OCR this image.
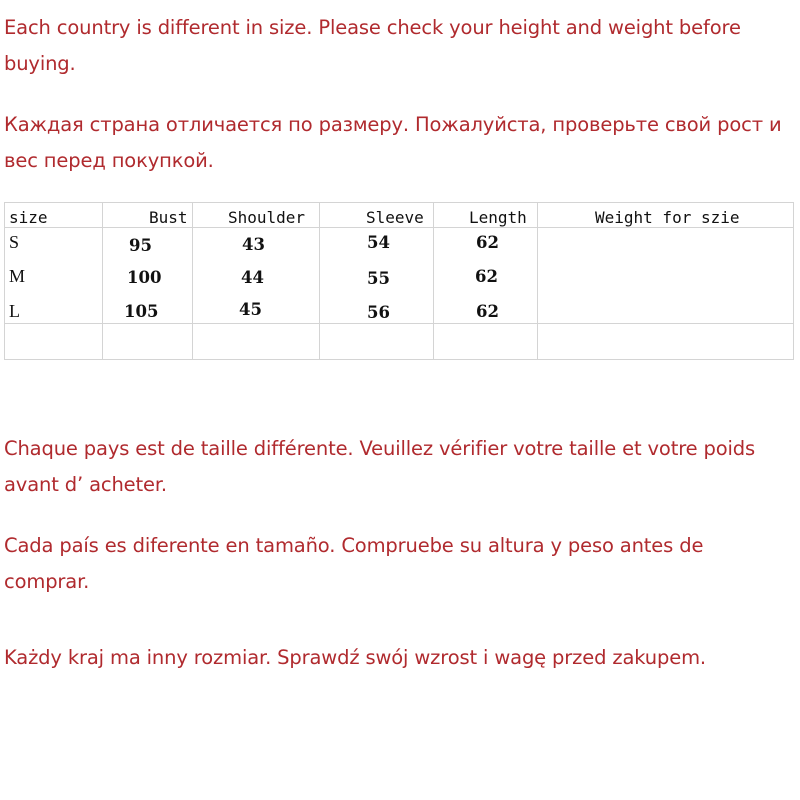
Each country is different in size. Please check your height and weight before buying.

Каждая страна отличается по размеру. Пожалуйста, проверьте свой рост и вес перед покупкой.

size	Bust	Shoulder	Sleeve	Length	Weight for szie
S	95	43	54	62
M	100	44	55	62
L	105	45	56	62

Chaque pays est de taille différente. Veuillez vérifier votre taille et votre poids avant d’ acheter.

Cada país es diferente en tamaño. Compruebe su altura y peso antes de comprar.

Każdy kraj ma inny rozmiar. Sprawdź swój wzrost i wagę przed zakupem.
